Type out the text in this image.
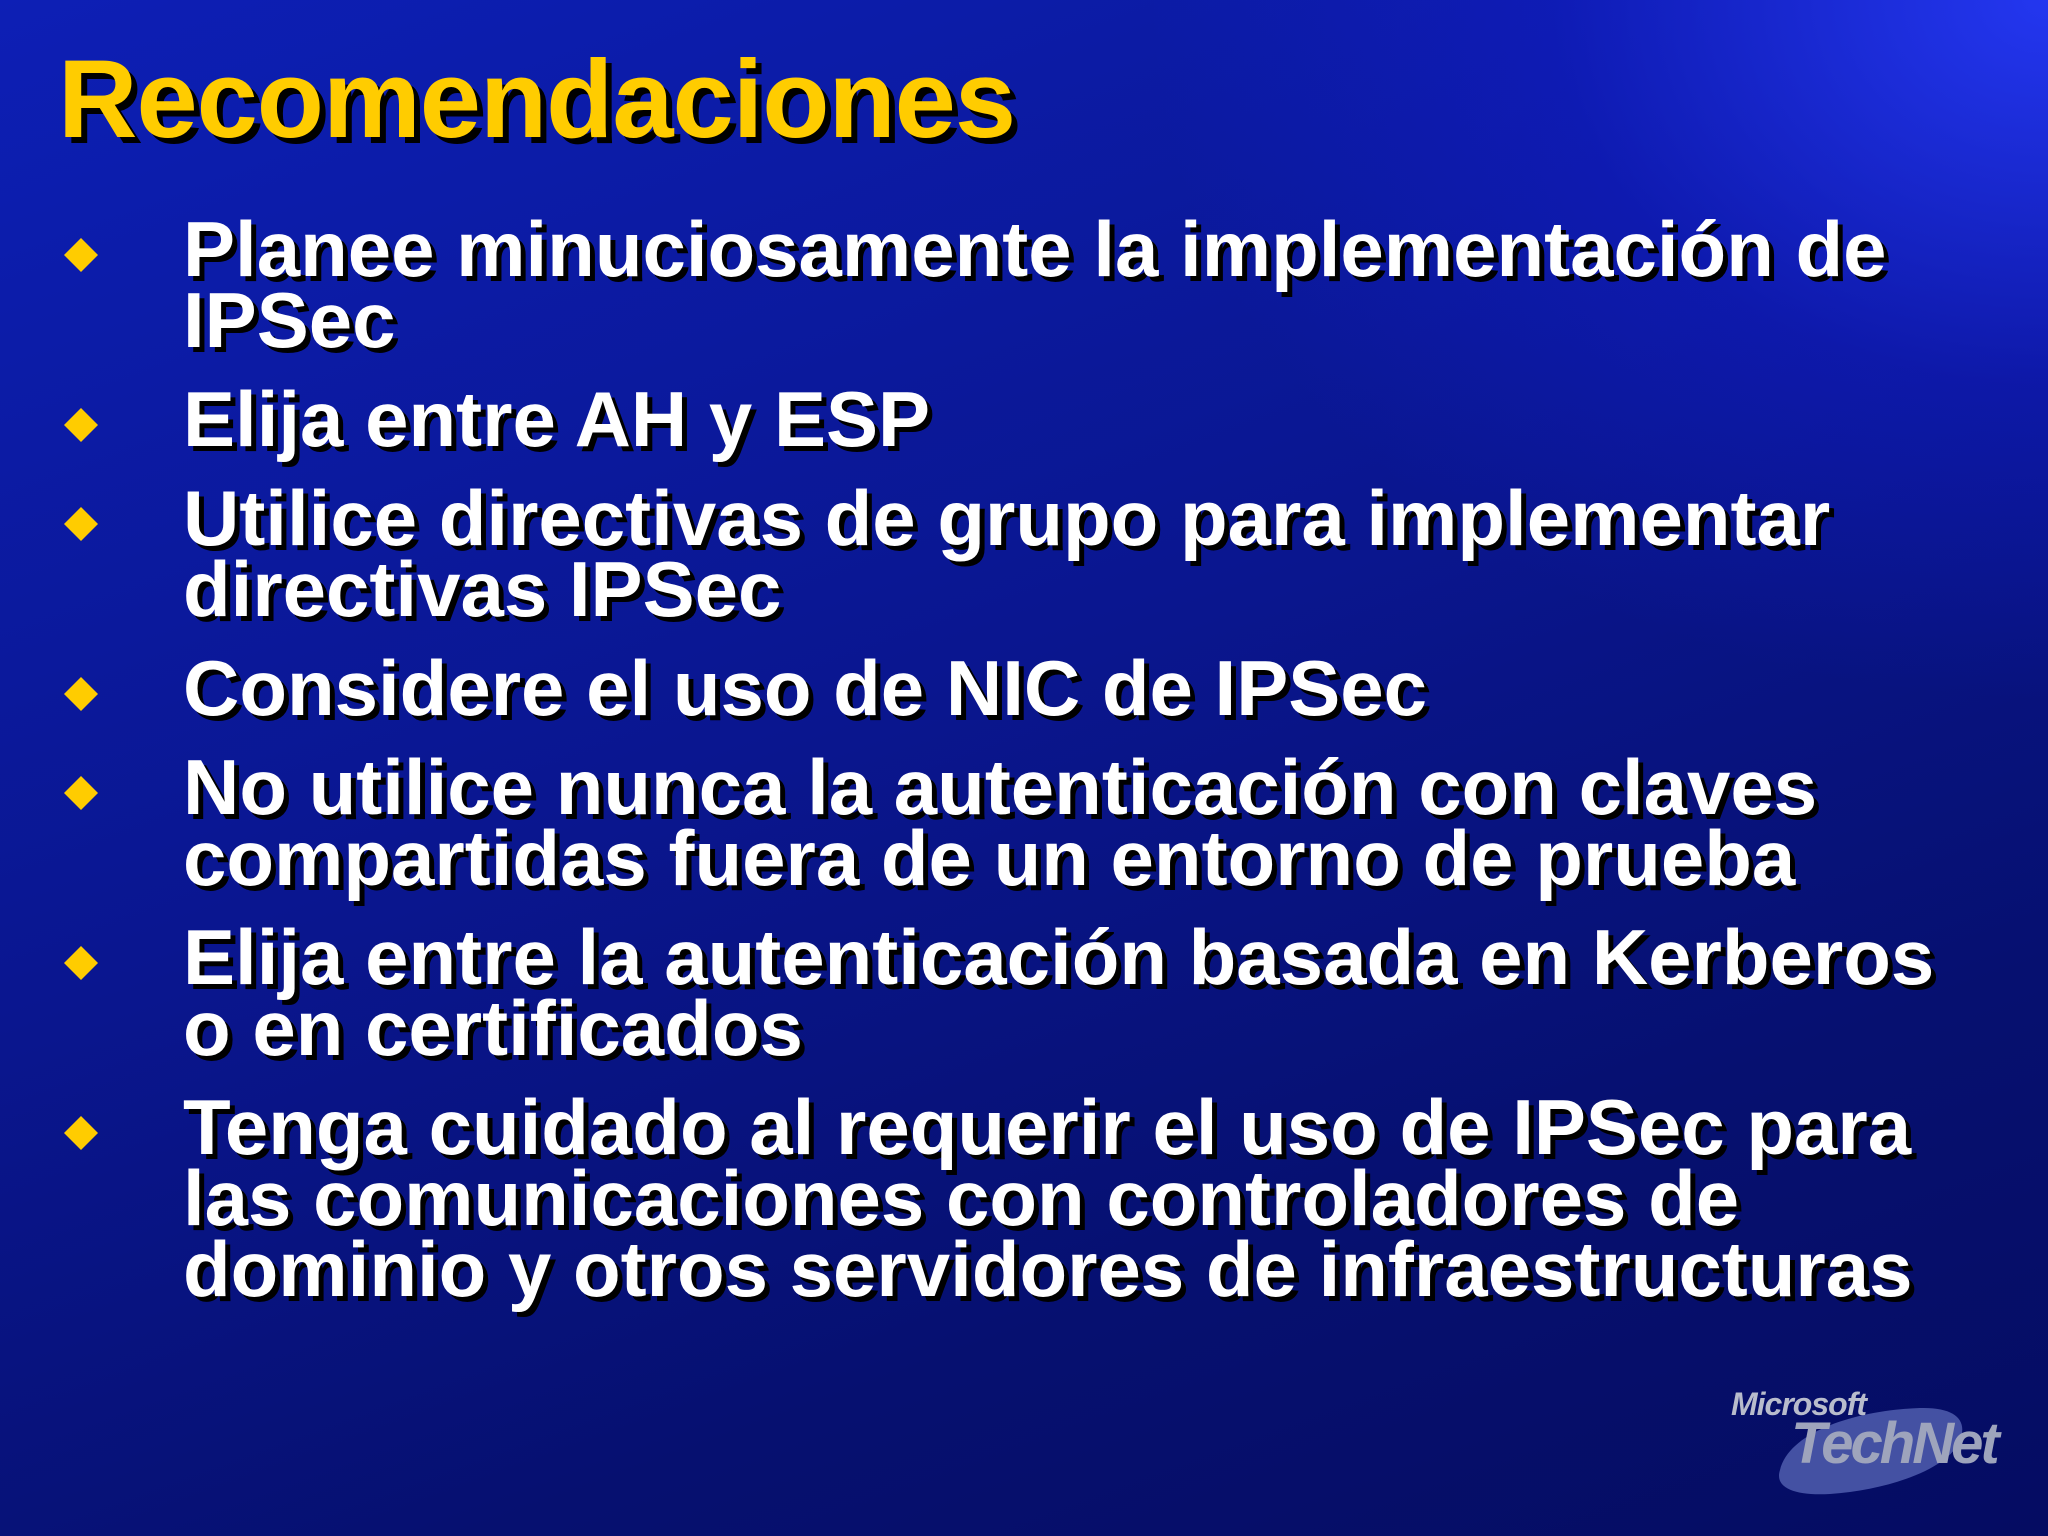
Recomendaciones
Planee minuciosamente la implementación de
IPSec
Elija entre AH y ESP
Utilice directivas de grupo para implementar
directivas IPSec
Considere el uso de NIC de IPSec
No utilice nunca la autenticación con claves
compartidas fuera de un entorno de prueba
Elija entre la autenticación basada en Kerberos
o en certificados
Tenga cuidado al requerir el uso de IPSec para
las comunicaciones con controladores de
dominio y otros servidores de infraestructuras
Microsoft
TechNet
